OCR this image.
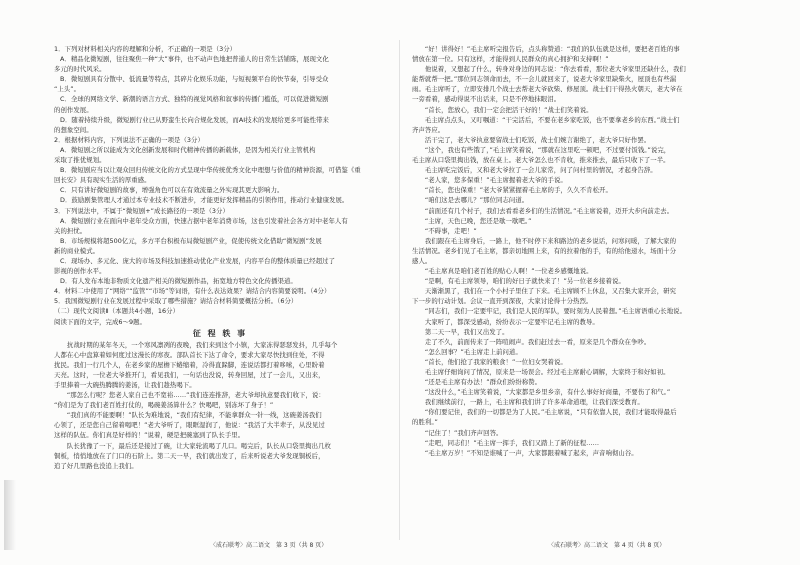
1．下列对材料相关内容的理解和分析，不正确的一项是（3分）
A．精品化微短剧，往往聚焦一种“大”事件，也不动声色地把普通人的日常生活铺陈，展现文化
多元的时代风采。
B．微短剧具有分散中、低流量等特点，其碎片化娱乐功能，与短视频平台的快节奏，引导受众
“上头”。
C．全球的网络文学、新潮的语言方式、独特的视觉风格和叙事的传播门槛低，可以促进微短剧
的创作发展。
D．随着持续升级，微短剧行业已从野蛮生长向合规化发展，而AI技术的发展给更多可能性带来
的想象空间。
2．根据材料内容，下列说法不正确的一项是（3分）
A．微短剧之所以能成为文化创新发展和时代精神传播的新载体，是因为相关行业主管机构
采取了推优规划。
B．微短剧应当以让观众回归传统文化的方式呈现中华传统优秀文化中理想与价值的精神资源，可借鉴《重
回长安》具有现实生活的厚重感。
C．只有讲好微短剧的故事，增强角色可以在有效流量之外实现其更大影响力。
D．鼓励剧集管理人才通过本专业技术不断进步，才能更好发挥精品的引领作用，推动行业健康发展。
3．下列说法中，不属于“微短剧+”成长路径的一项是（3分）
A．微短剧行业在面向中老年受众方面，快速占据中老年消费市场，这也引发着社会各方对中老年人有
关的担忧。
B．市场规模将超500亿元，多方平台积极布局微短剧产业，促使传统文化借助“微短剧”发展
新的商业模式。
C．现场办、多元化、庞大的市场及科技加速推动优化产业发展，内容平台的整体质量已经超过了
影视的创作水平。
D．有人发布本地非物质文化遗产相关的微短剧作品，拓宽地方特色文化传播渠道。
4．材料二中使用了“网络”“监管”“市场”等词语，有什么表达效果？请结合内容简要说明。（4分）
5．我国微短剧行业在发展过程中采取了哪些措施？请结合材料简要概括分析。（6分）
（二）现代文阅读Ⅱ（本题共4小题，16分）
阅读下面的文字，完成6～9题。
征 程 轶 事
　　抗战时期的某年冬天，一个寒风凛冽的夜晚，我们来到这个小镇，大家冻得瑟瑟发抖，几乎每个
人都在心中盘算着如何度过这漫长的寒夜。部队首长下达了命令，要求大家尽快找到住处，不得
扰民。我们一行几个人，在老乡家的屋檐下蜷缩着，冷得直跺脚，连说话都打着哆嗦，心里盼着
天亮。这时，一位老大爷推开门，看见我们，一句话也没说，转身回屋，过了一会儿，又出来，
手里捧着一大碗热腾腾的姜汤，让我们趁热喝下。
　　“那怎么行呢？您老人家自己也不宽裕……”我们连连推辞，老大爷却执意要我们收下，说：
“你们是为了我们老百姓打仗的，喝碗姜汤算什么？快喝吧，别冻坏了身子！”
　　“我们真的不能要啊！”队长为难地说，“我们有纪律，不能拿群众一针一线，这碗姜汤我们
心领了，还是您自己留着喝吧！”老大爷听了，眼眶湿润了，他说：“我活了大半辈子，从没见过
这样的队伍。你们真是好样的！”说着，硬是把碗塞到了队长手里。
　　队长犹豫了一下，最后还是接过了碗，让大家轮流喝了几口。喝完后，队长从口袋里掏出几枚
铜板，悄悄地放在了门口的石阶上。第二天一早，我们就出发了，后来听说老大爷发现铜板后，
追了好几里路也没追上我们。
　　“好！讲得好！”毛主席听完报告后，点头称赞道：“我们的队伍就是这样，要把老百姓的事
情放在第一位。只有这样，才能得到人民群众的真心拥护和支持啊！”
　　他说着，又想起了什么，转身对身边的同志说：“你去看看，那位老大爷家里还缺什么，我们
能帮就帮一把。”那位同志领命而去，不一会儿就回来了，说老大爷家里缺柴火，屋顶也有些漏
雨。毛主席听了，立即安排几个战士去帮老大爷砍柴、修屋顶。战士们干得热火朝天，老大爷在
一旁看着，感动得说不出话来，只是不停地抹眼泪。
　　“首长，您放心，我们一定会把活干好的！”战士们笑着说。
　　毛主席点点头，又叮嘱道：“干完活后，不要在老乡家吃饭，也不要拿老乡的东西。”战士们
齐声答应。
　　活干完了，老大爷执意要留战士们吃饭，战士们婉言谢绝了，老大爷只好作罢。
　　“这个，我也有些饿了，”毛主席笑着说，“那就在这里吃一顿吧，不过要付饭钱。”说完，
毛主席从口袋里掏出钱，放在桌上。老大爷怎么也不肯收，推来推去，最后只收下了一半。
　　毛主席吃完饭后，又和老大爷拉了一会儿家常，问了问村里的情况，才起身告辞。
　　“老人家，您多保重！”毛主席握着老大爷的手说。
　　“首长，您也保重！”老大爷紧紧握着毛主席的手，久久不肯松开。
　　“咱们这是去哪儿？”那位同志问道。
　　“前面还有几个村子，我们去看看老乡们的生活情况。”毛主席说着，迈开大步向前走去。
　　“主席，天色已晚，您还是歇一歇吧。”
　　“不碍事，走吧！”
　　我们跟在毛主席身后，一路上，他不时停下来和路边的老乡说话，问寒问暖，了解大家的
生活情况。老乡们见了毛主席，都亲切地围上来，有的拉着他的手，有的给他递水，场面十分
感人。
　　“毛主席真是咱们老百姓的贴心人啊！”一位老乡感慨地说。
　　“是啊，有毛主席领导，咱们的好日子就快来了！”另一位老乡接着说。
　　天渐渐黑了，我们在一个小村子里住了下来。毛主席顾不上休息，又召集大家开会，研究
下一步的行动计划。会议一直开到深夜，大家讨论得十分热烈。
　　“同志们，我们一定要牢记，我们是人民的军队，要时刻为人民着想。”毛主席语重心长地说。
　　大家听了，都深受感动，纷纷表示一定要牢记毛主席的教导。
　　第二天一早，我们又出发了。
　　走了不久，前面传来了一阵喧闹声。我们赶过去一看，原来是几个群众在争吵。
　　“怎么回事？”毛主席走上前问道。
　　“首长，他们抢了我家的粮食！”一位妇女哭着说。
　　毛主席仔细询问了情况，原来是一场误会。经过毛主席耐心调解，大家终于和好如初。
　　“还是毛主席有办法！”群众们纷纷称赞。
　　“这没什么，”毛主席笑着说，“大家都是乡里乡亲，有什么事好好商量，不要伤了和气。”
　　我们继续前行，一路上，毛主席和我们讲了许多革命道理，让我们深受教育。
　　“你们要记住，我们的一切都是为了人民。”毛主席说，“只有依靠人民，我们才能取得最后
的胜利。”
　　“记住了！”我们齐声回答。
　　“走吧，同志们！”毛主席一挥手，我们又踏上了新的征程……
　　“毛主席万岁！”不知是谁喊了一声，大家都跟着喊了起来，声音响彻山谷。
〈成石联考〉高二语文　第 3 页（共 8 页）	〈成石联考〉高二语文　第 4 页（共 8 页）
